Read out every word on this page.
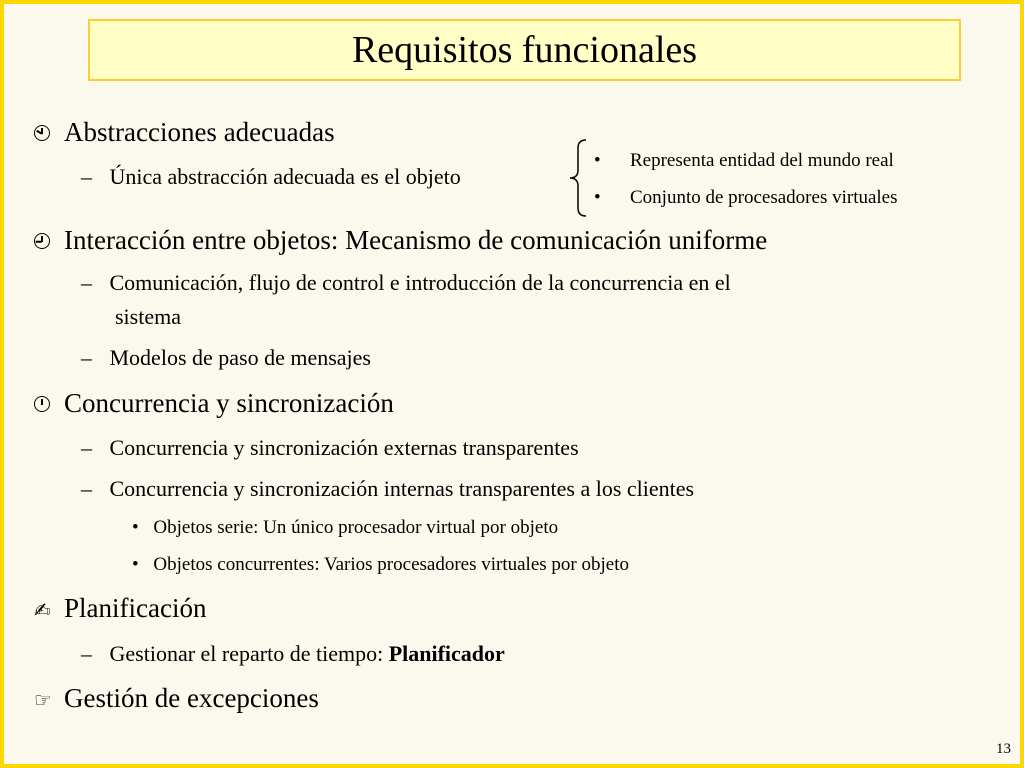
Requisitos funcionales
Abstracciones adecuadas
– Única abstracción adecuada es el objeto
• Representa entidad del mundo real
• Conjunto de procesadores virtuales
Interacción entre objetos: Mecanismo de comunicación uniforme
– Comunicación, flujo de control e introducción de la concurrencia en el
sistema
– Modelos de paso de mensajes
Concurrencia y sincronización
– Concurrencia y sincronización externas transparentes
– Concurrencia y sincronización internas transparentes a los clientes
• Objetos serie: Un único procesador virtual por objeto
• Objetos concurrentes: Varios procesadores virtuales por objeto
✍ Planificación
– Gestionar el reparto de tiempo: Planificador
☞ Gestión de excepciones
13
